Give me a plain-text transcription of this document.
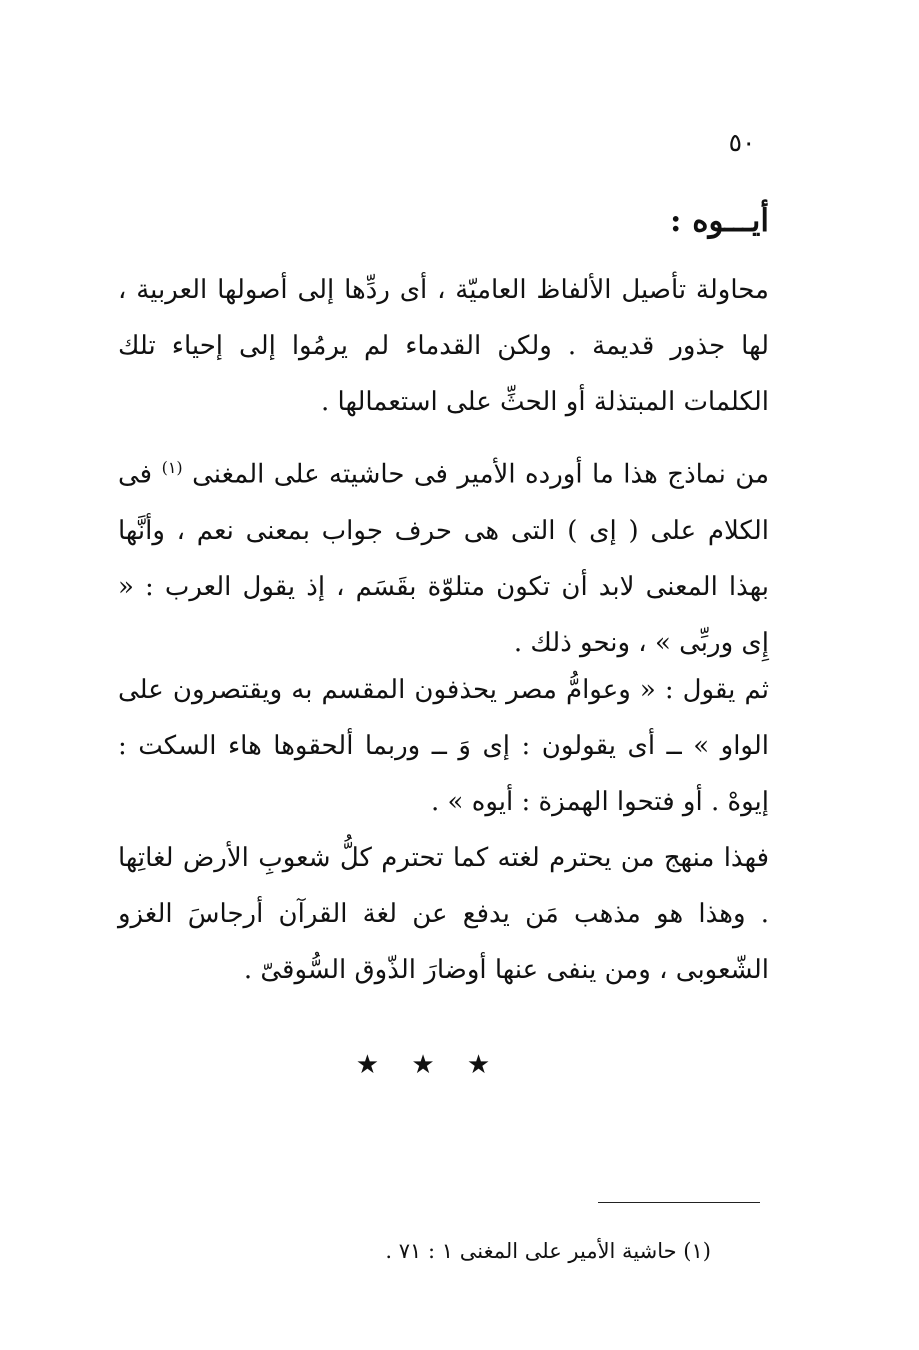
٥٠
أيـــوه :

محاولة تأصيل الألفاظ العاميّة ، أى ردِّها إلى أصولها العربية ، لها جذور قديمة . ولكن القدماء لم يرمُوا إلى إحياء تلك الكلمات المبتذلة أو الحثِّ على استعمالها .

من نماذج هذا ما أورده الأمير فى حاشيته على المغنى $^{(١)}$ فى الكلام على ( إى ) التى هى حرف جواب بمعنى نعم ، وأنَّها بهذا المعنى لابد أن تكون متلوّة بقَسَم ، إذ يقول العرب : « إِى وربِّى » ، ونحو ذلك .

ثم يقول : « وعوامُّ مصر يحذفون المقسم به ويقتصرون على الواو » ــ أى يقولون : إى وَ ــ وربما ألحقوها هاء السكت : إيوهْ . أو فتحوا الهمزة : أيوه » .

فهذا منهج من يحترم لغته كما تحترم كلُّ شعوبِ الأرض لغاتِها . وهذا هو مذهب مَن يدفع عن لغة القرآن أرجاسَ الغزو الشّعوبى ، ومن ينفى عنها أوضارَ الذّوق السُّوقىّ .

★ ★ ★
(١) حاشية الأمير على المغنى ١ : ٧١ .
